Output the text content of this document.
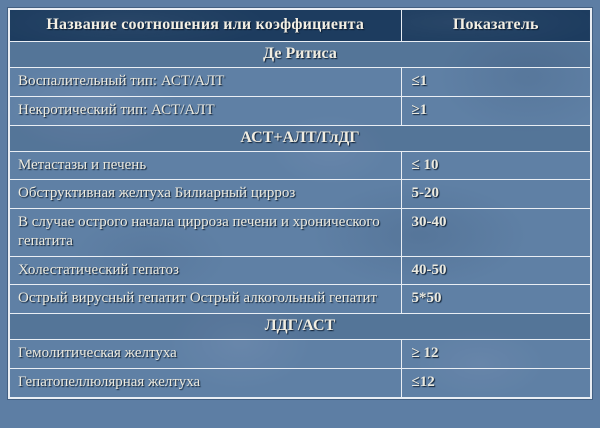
Название соотношения или коэффициента	Показатель
Де Ритиса	
Воспалительный тип: АСТ/АЛТ	≤1
Некротический тип: АСТ/АЛТ	≥1
АСТ+АЛТ/ГлДГ	
Метастазы и печень	≤ 10
Обструктивная желтуха Билиарный цирроз	5-20
В случае острого начала цирроза печени и хронического гепатита	30-40
Холестатический гепатоз	40-50
Острый вирусный гепатит Острый алкогольный гепатит	5*50
ЛДГ/АСТ	
Гемолитическая желтуха	≥ 12
Гепатопеллюлярная желтуха	≤12
